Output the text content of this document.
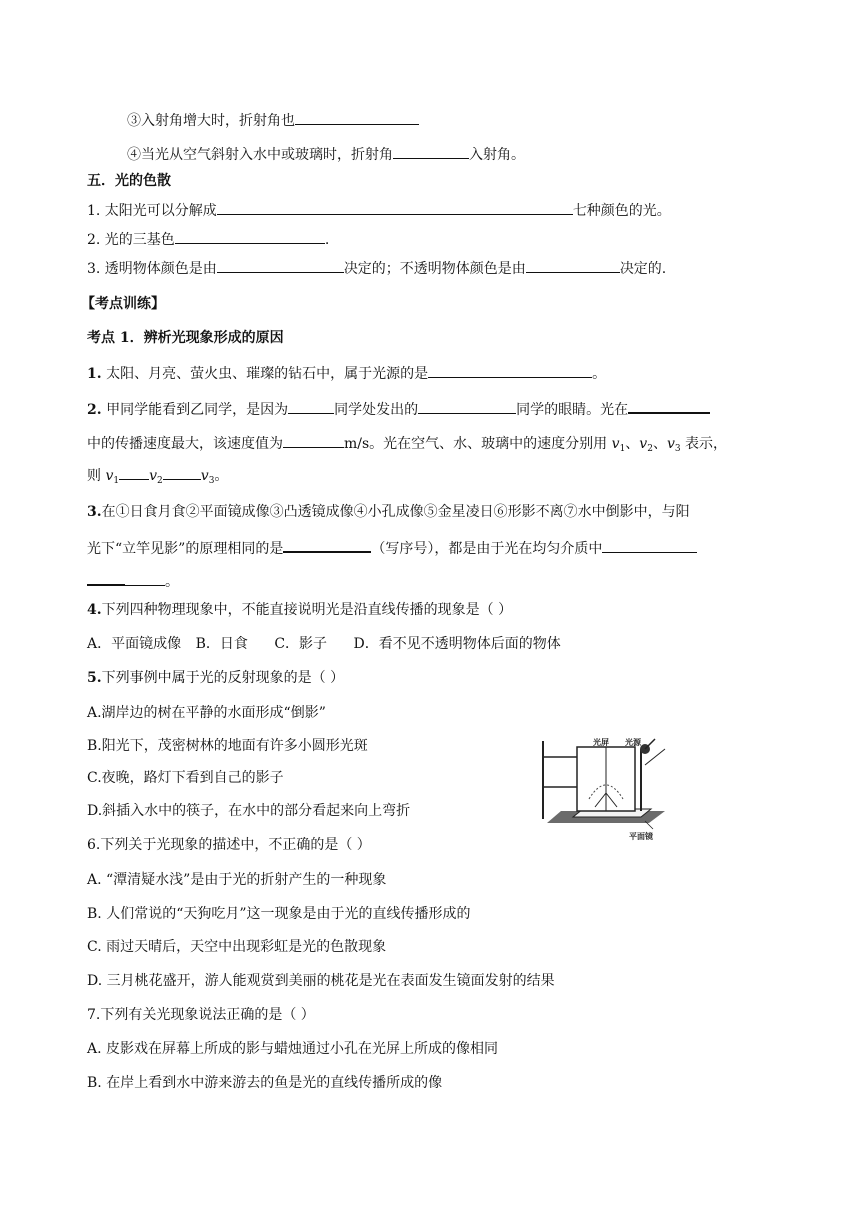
③入射角增大时，折射角也
④当光从空气斜射入水中或玻璃时，折射角	入射角。
五．光的色散
1. 太阳光可以分解成	七种颜色的光。
2. 光的三基色	.
3. 透明物体颜色是由	决定的；不透明物体颜色是由	决定的.
【考点训练】
考点 1．辨析光现象形成的原因
1. 太阳、月亮、萤火虫、璀璨的钻石中，属于光源的是	。
2. 甲同学能看到乙同学，是因为	同学处发出的	同学的眼睛。光在
中的传播速度最大，该速度值为	m/s。光在空气、水、玻璃中的速度分别用 $v_1$、$v_2$、$v_3$ 表示，
则 $v_1$ $v_2$	$v_3$。
3.在①日食月食②平面镜成像③凸透镜成像④小孔成像⑤金星凌日⑥形影不离⑦水中倒影中，与阳
光下“立竿见影”的原理相同的是	（写序号），都是由于光在均匀介质中
。
4.下列四种物理现象中，不能直接说明光是沿直线传播的现象是（ ）
A．平面镜成像 B．日食 C．影子 D．看不见不透明物体后面的物体
5.下列事例中属于光的反射现象的是（ ）
A.湖岸边的树在平静的水面形成“倒影”
B.阳光下，茂密树林的地面有许多小圆形光斑
C.夜晚，路灯下看到自己的影子
D.斜插入水中的筷子，在水中的部分看起来向上弯折
光屏 光源
平面镜
6.下列关于光现象的描述中，不正确的是（ ）
A. “潭清疑水浅”是由于光的折射产生的一种现象
B. 人们常说的“天狗吃月”这一现象是由于光的直线传播形成的
C. 雨过天晴后，天空中出现彩虹是光的色散现象
D. 三月桃花盛开，游人能观赏到美丽的桃花是光在表面发生镜面发射的结果
7.下列有关光现象说法正确的是（ ）
A. 皮影戏在屏幕上所成的影与蜡烛通过小孔在光屏上所成的像相同
B. 在岸上看到水中游来游去的鱼是光的直线传播所成的像
